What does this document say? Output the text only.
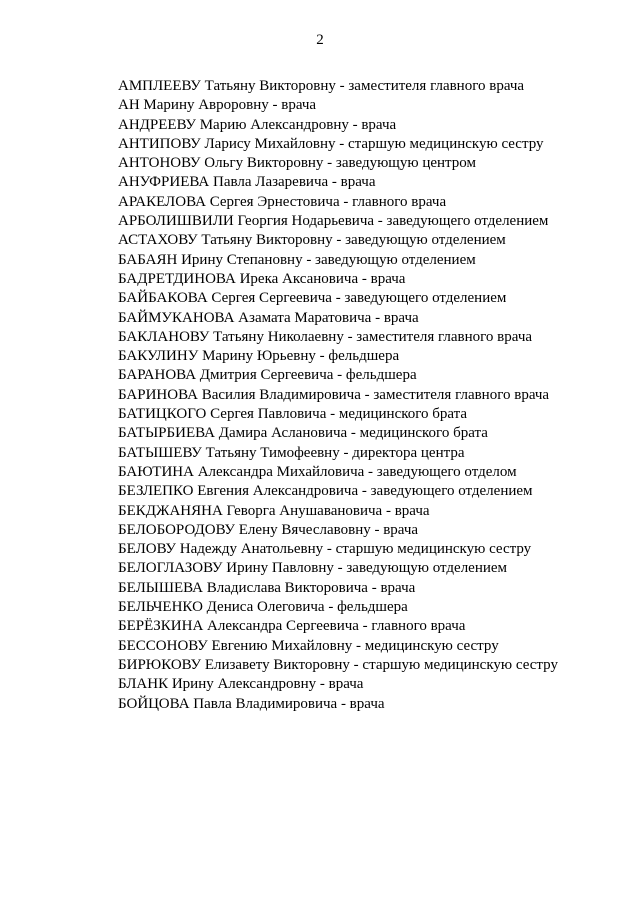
2

АМПЛЕЕВУ Татьяну Викторовну - заместителя главного врача

АН Марину Авроровну - врача

АНДРЕЕВУ Марию Александровну - врача

АНТИПОВУ Ларису Михайловну - старшую медицинскую сестру

АНТОНОВУ Ольгу Викторовну - заведующую центром

АНУФРИЕВА Павла Лазаревича - врача

АРАКЕЛОВА Сергея Эрнестовича - главного врача

АРБОЛИШВИЛИ Георгия Нодарьевича - заведующего отделением

АСТАХОВУ Татьяну Викторовну - заведующую отделением

БАБАЯН Ирину Степановну - заведующую отделением

БАДРЕТДИНОВА Ирека Аксановича - врача

БАЙБАКОВА Сергея Сергеевича - заведующего отделением

БАЙМУКАНОВА Азамата Маратовича - врача

БАКЛАНОВУ Татьяну Николаевну - заместителя главного врача

БАКУЛИНУ Марину Юрьевну - фельдшера

БАРАНОВА Дмитрия Сергеевича - фельдшера

БАРИНОВА Василия Владимировича - заместителя главного врача

БАТИЦКОГО Сергея Павловича - медицинского брата

БАТЫРБИЕВА Дамира Аслановича - медицинского брата

БАТЫШЕВУ Татьяну Тимофеевну - директора центра

БАЮТИНА Александра Михайловича - заведующего отделом

БЕЗЛЕПКО Евгения Александровича - заведующего отделением

БЕКДЖАНЯНА Геворга Анушавановича - врача

БЕЛОБОРОДОВУ Елену Вячеславовну - врача

БЕЛОВУ Надежду Анатольевну - старшую медицинскую сестру

БЕЛОГЛАЗОВУ Ирину Павловну - заведующую отделением

БЕЛЫШЕВА Владислава Викторовича - врача

БЕЛЬЧЕНКО Дениса Олеговича - фельдшера

БЕРЁЗКИНА Александра Сергеевича - главного врача

БЕССОНОВУ Евгению Михайловну - медицинскую сестру

БИРЮКОВУ Елизавету Викторовну - старшую медицинскую сестру

БЛАНК Ирину Александровну - врача

БОЙЦОВА Павла Владимировича - врача
